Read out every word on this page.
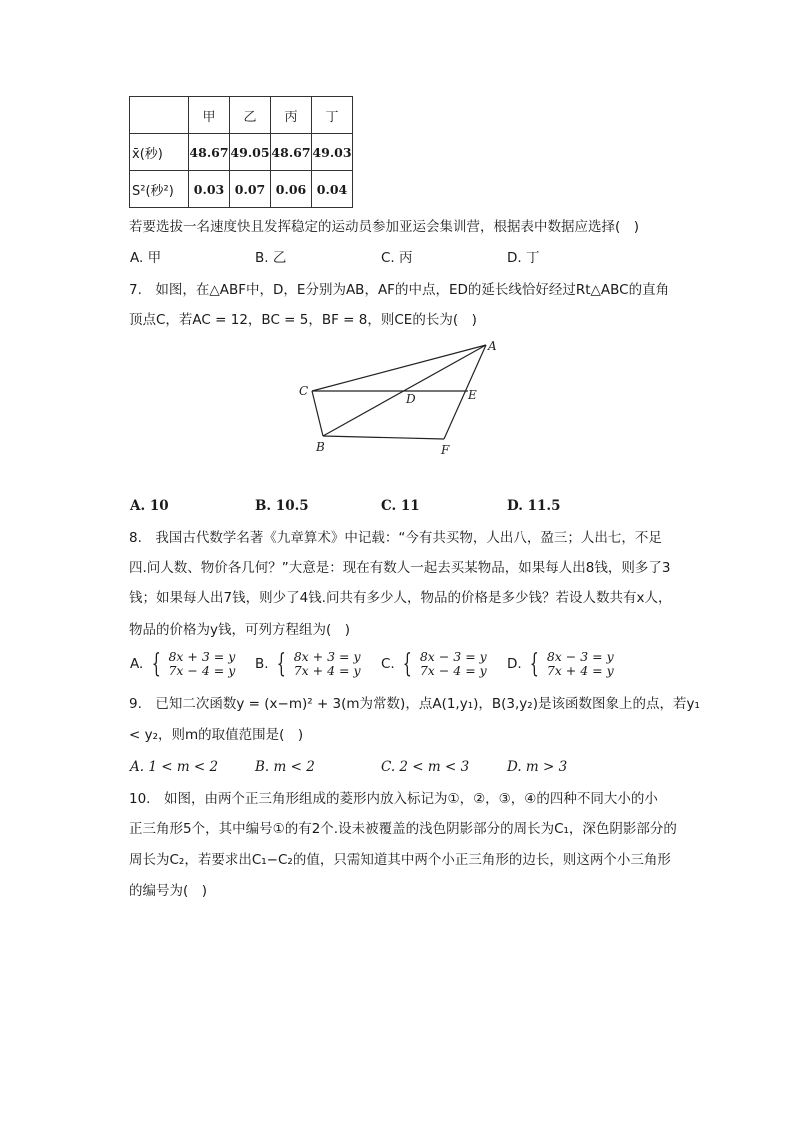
	甲	乙	丙	丁
x̄(秒)	48.67	49.05	48.67	49.03
S²(秒²)	0.03	0.07	0.06	0.04
若要选拔一名速度快且发挥稳定的运动员参加亚运会集训营，根据表中数据应选择(　)
A. 甲	B. 乙	C. 丙	D. 丁
7.　如图，在△ABF中，D，E分别为AB，AF的中点，ED的延长线恰好经过Rt△ABC的直角
顶点C，若AC = 12，BC = 5，BF = 8，则CE的长为(　)
A
C
D	E
B	F
A. 10	B. 10.5	C. 11	D. 11.5
8.　我国古代数学名著《九章算术》中记载：“今有共买物，人出八，盈三；人出七，不足
四.问人数、物价各几何？”大意是：现在有数人一起去买某物品，如果每人出8钱，则多了3
钱；如果每人出7钱，则少了4钱.问共有多少人，物品的价格是多少钱？若设人数共有x人，
物品的价格为y钱，可列方程组为(　)
A. { 8x + 3 = y
7x − 4 = y B. { 8x + 3 = y
7x + 4 = y C. { 8x − 3 = y
7x − 4 = y D. { 8x − 3 = y
7x + 4 = y
9.　已知二次函数y = (x−m)² + 3(m为常数)，点A(1,y₁)，B(3,y₂)是该函数图象上的点，若y₁
< y₂，则m的取值范围是(　)
A. 1 < m < 2	B. m < 2	C. 2 < m < 3	D. m > 3
10.　如图，由两个正三角形组成的菱形内放入标记为①，②，③，④的四种不同大小的小
正三角形5个，其中编号①的有2个.设未被覆盖的浅色阴影部分的周长为C₁，深色阴影部分的
周长为C₂，若要求出C₁−C₂的值，只需知道其中两个小正三角形的边长，则这两个小三角形
的编号为(　)
